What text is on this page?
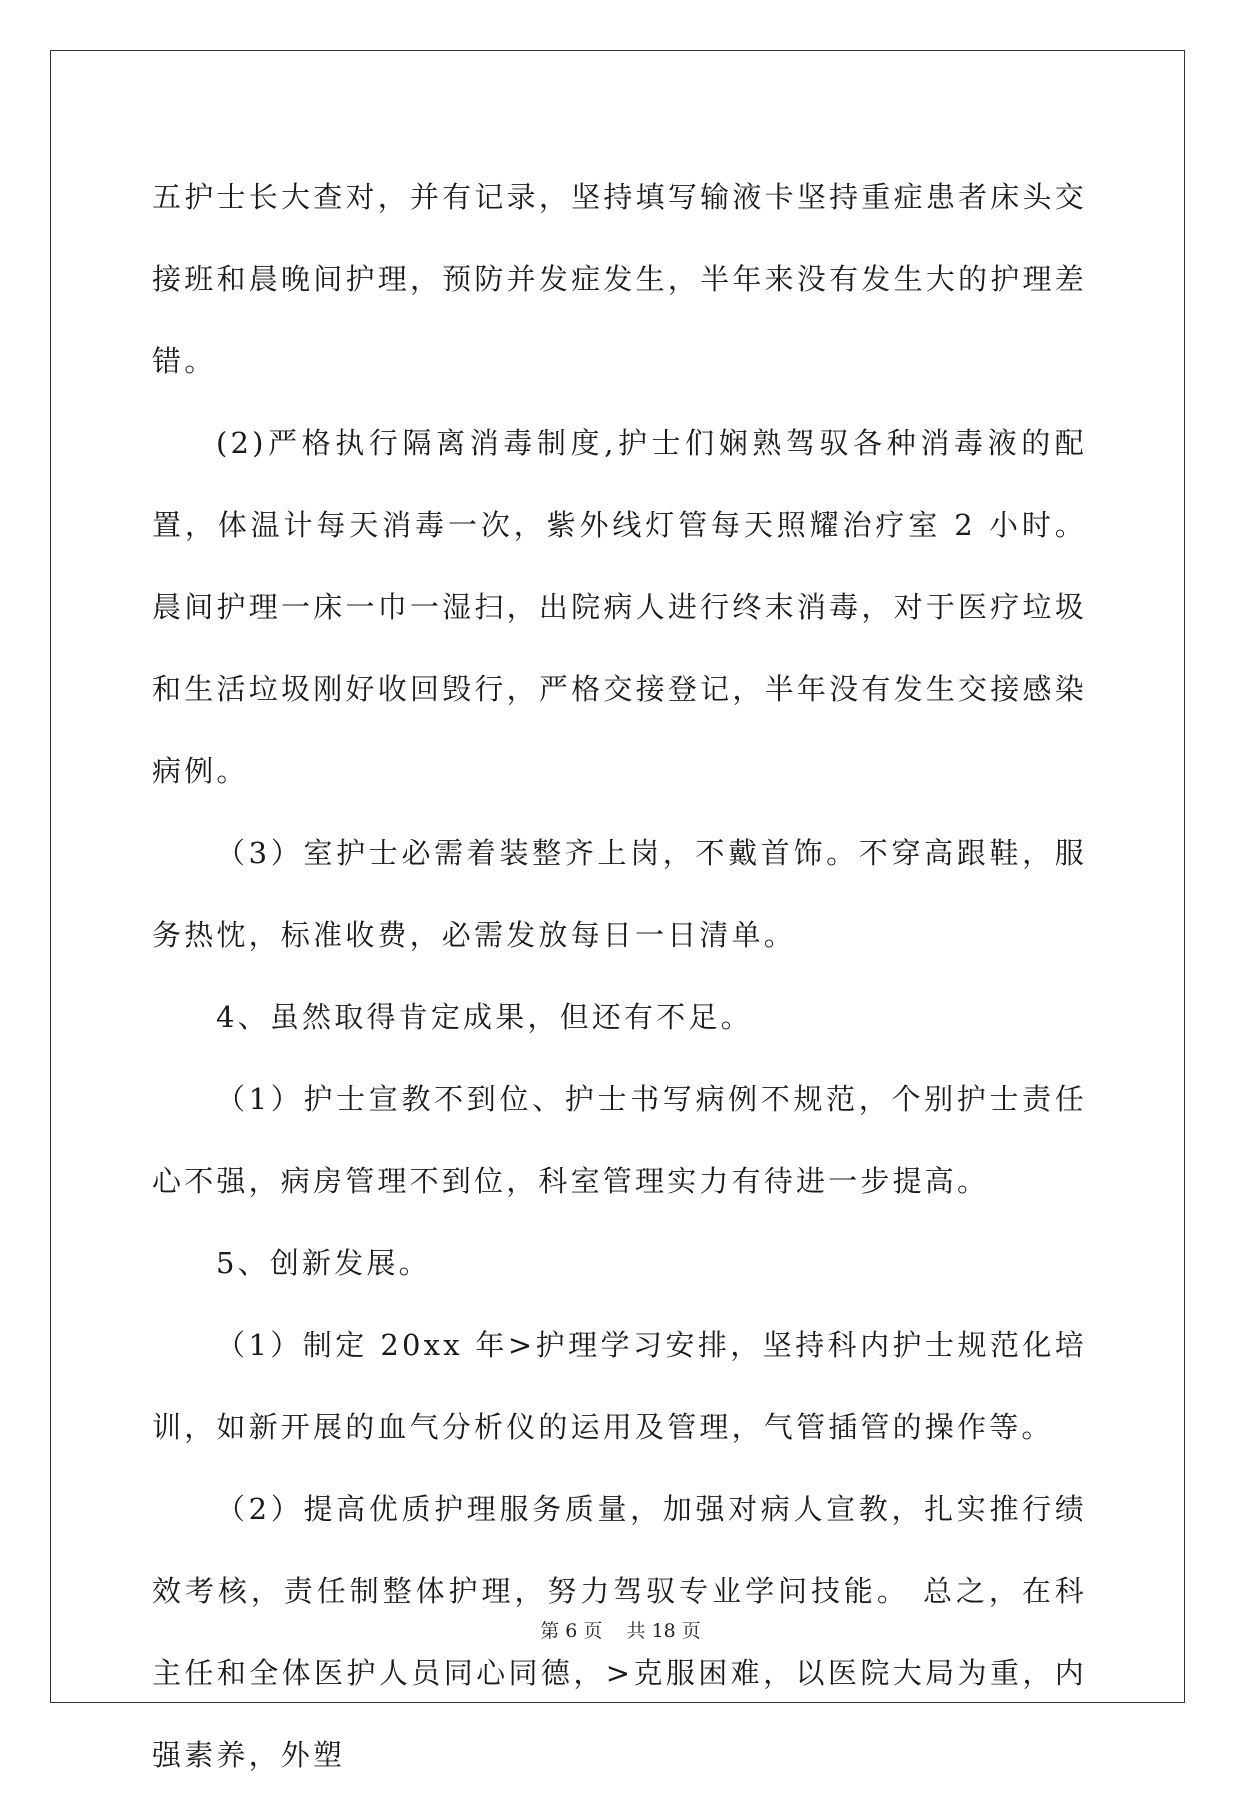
五护士长大查对，并有记录，坚持填写输液卡坚持重症患者床头交接班和晨晚间护理，预防并发症发生，半年来没有发生大的护理差错。

(2)严格执行隔离消毒制度,护士们娴熟驾驭各种消毒液的配置，体温计每天消毒一次，紫外线灯管每天照耀治疗室 2 小时。晨间护理一床一巾一湿扫，出院病人进行终末消毒，对于医疗垃圾和生活垃圾刚好收回毁行，严格交接登记，半年没有发生交接感染病例。

（3）室护士必需着装整齐上岗，不戴首饰。不穿高跟鞋，服务热忱，标准收费，必需发放每日一日清单。

4、虽然取得肯定成果，但还有不足。

（1）护士宣教不到位、护士书写病例不规范，个别护士责任心不强，病房管理不到位，科室管理实力有待进一步提高。

5、创新发展。

（1）制定 20xx 年>护理学习安排，坚持科内护士规范化培训，如新开展的血气分析仪的运用及管理，气管插管的操作等。

（2）提高优质护理服务质量，加强对病人宣教，扎实推行绩效考核，责任制整体护理，努力驾驭专业学问技能。 总之，在科主任和全体医护人员同心同德，>克服困难，以医院大局为重，内强素养，外塑

第 6 页 共 18 页
